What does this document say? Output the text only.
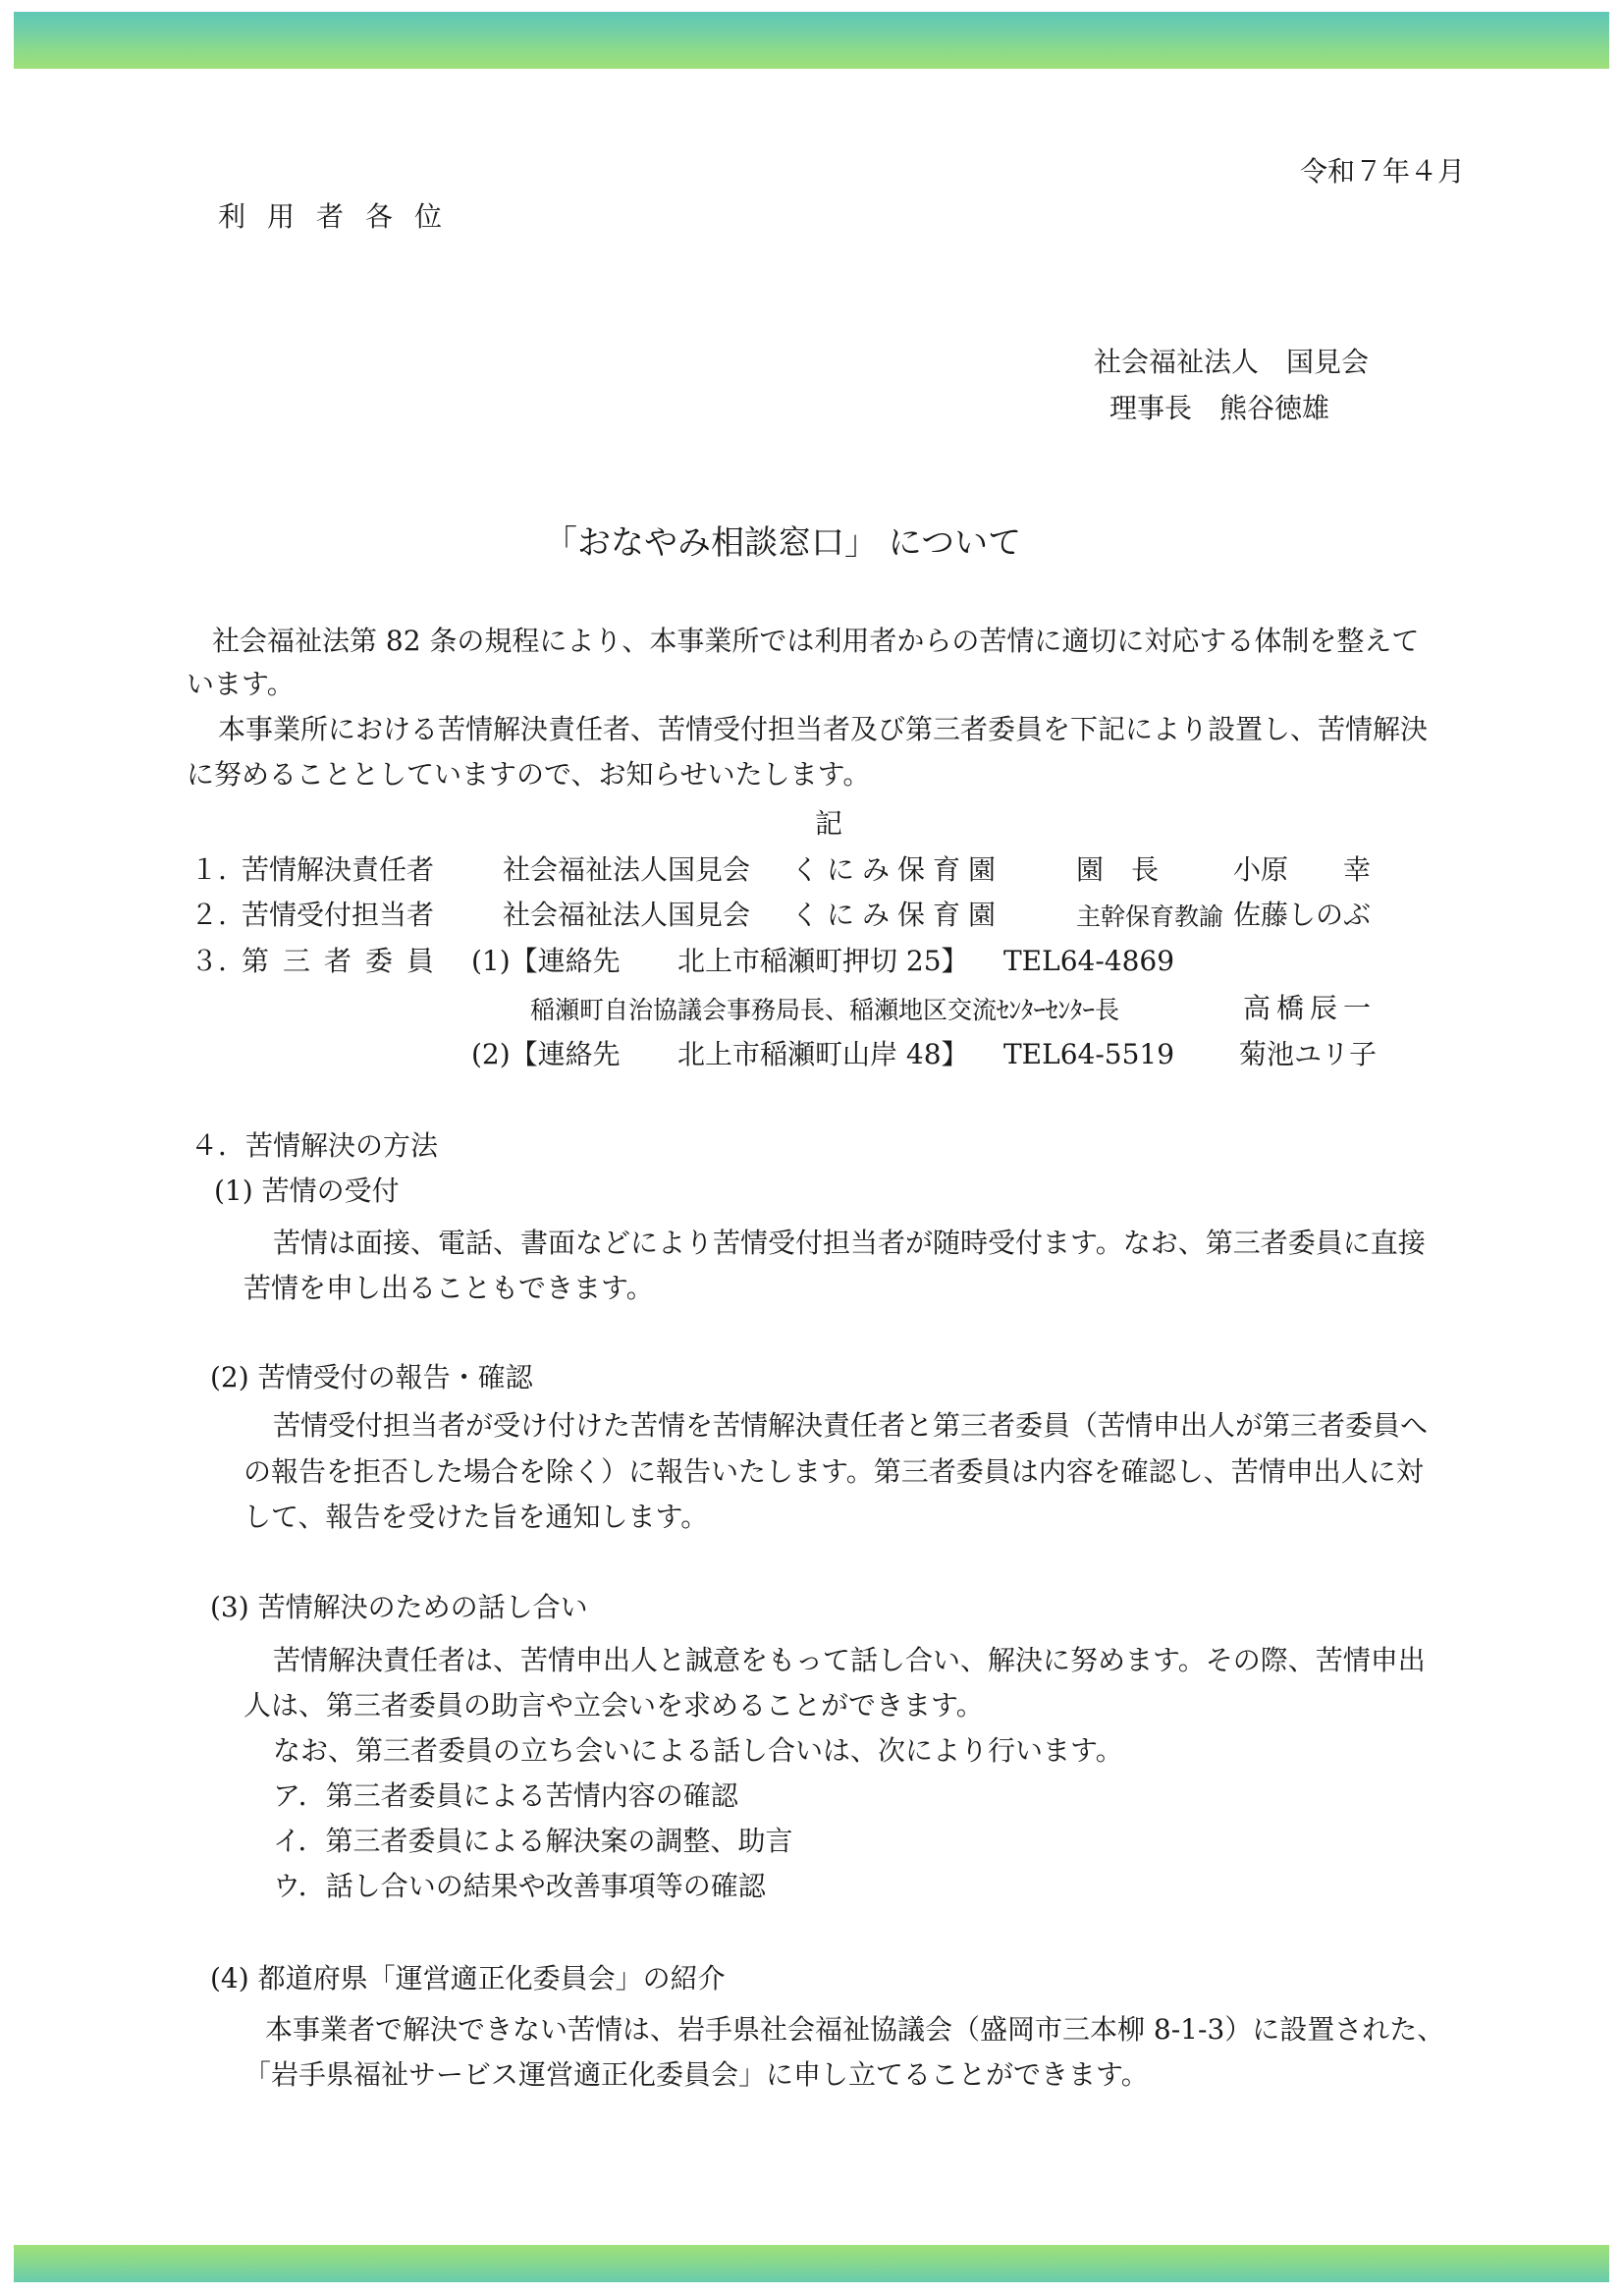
令和７年４月
利用者各位
社会福祉法人　国見会
理事長　熊谷徳雄
「おなやみ相談窓口」 について
社会福祉法第 82 条の規程により、本事業所では利用者からの苦情に適切に対応する体制を整えて
います。
本事業所における苦情解決責任者、苦情受付担当者及び第三者委員を下記により設置し、苦情解決
に努めることとしていますので、お知らせいたします。
記
１. 苦情解決責任者 社会福祉法人国見会 くにみ保育園	園　長	小原　　幸
２. 苦情受付担当者 社会福祉法人国見会 くにみ保育園	主幹保育教諭 佐藤しのぶ
３. 第三者委員 (1)【連絡先 北上市稲瀬町押切 25】 TEL64-4869
稲瀬町自治協議会事務局長、稲瀬地区交流ｾﾝﾀｰｾﾝﾀｰ長	高橋辰一
(2)【連絡先 北上市稲瀬町山岸 48】 TEL64-5519 菊池ユリ子
４．苦情解決の方法
(1) 苦情の受付
苦情は面接、電話、書面などにより苦情受付担当者が随時受付ます。なお、第三者委員に直接
苦情を申し出ることもできます。
(2) 苦情受付の報告・確認
苦情受付担当者が受け付けた苦情を苦情解決責任者と第三者委員（苦情申出人が第三者委員へ
の報告を拒否した場合を除く）に報告いたします。第三者委員は内容を確認し、苦情申出人に対
して、報告を受けた旨を通知します。
(3) 苦情解決のための話し合い
苦情解決責任者は、苦情申出人と誠意をもって話し合い、解決に努めます。その際、苦情申出
人は、第三者委員の助言や立会いを求めることができます。
なお、第三者委員の立ち会いによる話し合いは、次により行います。
ア．第三者委員による苦情内容の確認
イ．第三者委員による解決案の調整、助言
ウ．話し合いの結果や改善事項等の確認
(4) 都道府県「運営適正化委員会」の紹介
本事業者で解決できない苦情は、岩手県社会福祉協議会（盛岡市三本柳 8-1-3）に設置された、
「岩手県福祉サービス運営適正化委員会」に申し立てることができます。
